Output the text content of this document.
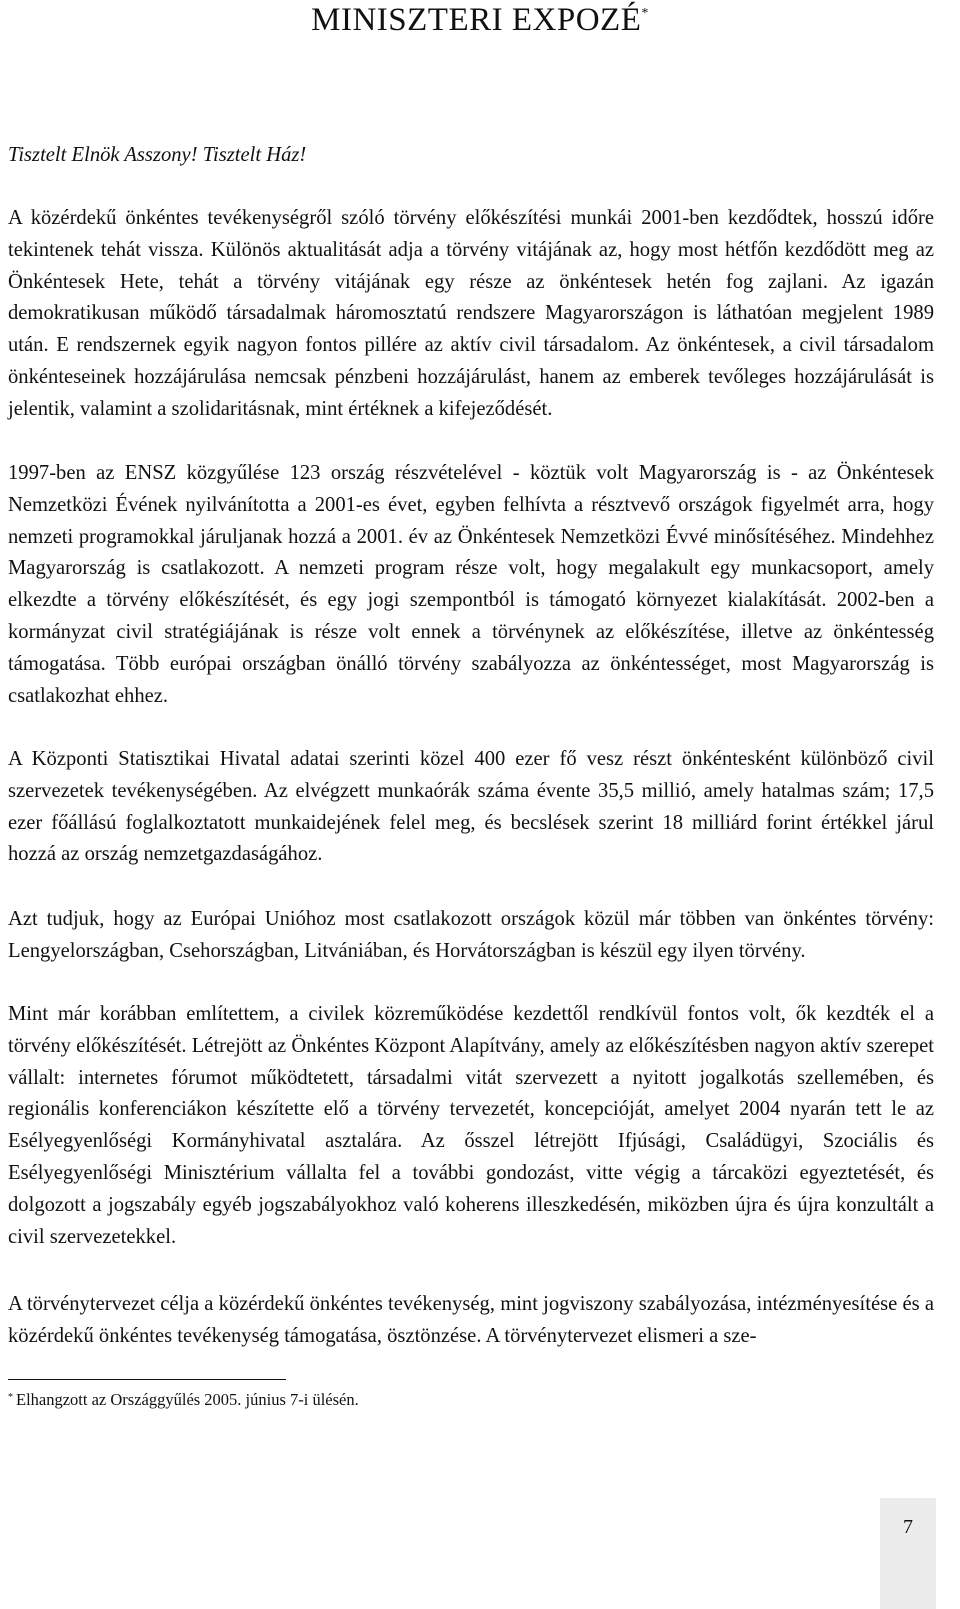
MINISZTERI EXPOZÉ*

Tisztelt Elnök Asszony! Tisztelt Ház!

A közérdekű önkéntes tevékenységről szóló törvény előkészítési munkái 2001-ben kezdődtek, hosszú időre tekintenek tehát vissza. Különös aktualitását adja a törvény vitájának az, hogy most hétfőn kezdődött meg az Önkéntesek Hete, tehát a törvény vitájának egy része az önkéntesek hetén fog zajlani. Az igazán demokratikusan működő társadalmak háromosztatú rendszere Magyarországon is láthatóan megjelent 1989 után. E rendszernek egyik nagyon fontos pillére az aktív civil társadalom. Az önkéntesek, a civil társadalom önkénteseinek hozzájárulása nemcsak pénzbeni hozzájárulást, hanem az emberek tevőleges hozzájárulását is jelentik, valamint a szolidaritásnak, mint értéknek a kifejeződését.

1997-ben az ENSZ közgyűlése 123 ország részvételével - köztük volt Magyarország is - az Önkéntesek Nemzetközi Évének nyilvánította a 2001-es évet, egyben felhívta a résztvevő országok figyelmét arra, hogy nemzeti programokkal járuljanak hozzá a 2001. év az Önkéntesek Nemzetközi Évvé minősítéséhez. Mindehhez Magyarország is csatlakozott. A nemzeti program része volt, hogy megalakult egy munkacsoport, amely elkezdte a törvény előkészítését, és egy jogi szempontból is támogató környezet kialakítását. 2002-ben a kormányzat civil stratégiájának is része volt ennek a törvénynek az előkészítése, illetve az önkéntesség támogatása. Több európai országban önálló törvény szabályozza az önkéntességet, most Magyarország is csatlakozhat ehhez.

A Központi Statisztikai Hivatal adatai szerinti közel 400 ezer fő vesz részt önkéntesként különböző civil szervezetek tevékenységében. Az elvégzett munkaórák száma évente 35,5 millió, amely hatalmas szám; 17,5 ezer főállású foglalkoztatott munkaidejének felel meg, és becslések szerint 18 milliárd forint értékkel járul hozzá az ország nemzetgazdaságához.

Azt tudjuk, hogy az Európai Unióhoz most csatlakozott országok közül már többen van önkéntes törvény: Lengyelországban, Csehországban, Litvániában, és Horvátországban is készül egy ilyen törvény.

Mint már korábban említettem, a civilek közreműködése kezdettől rendkívül fontos volt, ők kezdték el a törvény előkészítését. Létrejött az Önkéntes Központ Alapítvány, amely az előkészítésben nagyon aktív szerepet vállalt: internetes fórumot működtetett, társadalmi vitát szervezett a nyitott jogalkotás szellemében, és regionális konferenciákon készítette elő a törvény tervezetét, koncepcióját, amelyet 2004 nyarán tett le az Esélyegyenlőségi Kormányhivatal asztalára. Az ősszel létrejött Ifjúsági, Családügyi, Szociális és Esélyegyenlőségi Minisztérium vállalta fel a további gondozást, vitte végig a tárcaközi egyeztetését, és dolgozott a jogszabály egyéb jogszabályokhoz való koherens illeszkedésén, miközben újra és újra konzultált a civil szervezetekkel.

A törvénytervezet célja a közérdekű önkéntes tevékenység, mint jogviszony szabályozása, intézményesítése és a közérdekű önkéntes tevékenység támogatása, ösztönzése. A törvénytervezet elismeri a sze-

* Elhangzott az Országgyűlés 2005. június 7-i ülésén.

7
